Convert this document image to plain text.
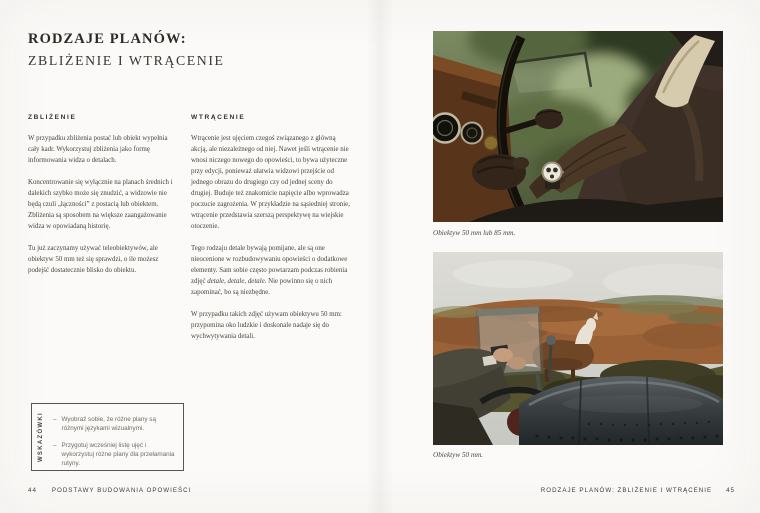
RODZAJE PLANÓW:
ZBLIŻENIE I WTRĄCENIE
ZBLIŻENIE

W przypadku zbliżenia postać lub obiekt wypełnia cały kadr. Wykorzystuj zbliżenia jako formę informowania widza o detalach.

Koncentrowanie się wyłącznie na planach średnich i dalekich szybko może się znudzić, a widzowie nie będą czuli „łączności” z postacią lub obiektem. Zbliżenia są sposobem na większe zaangażowanie widza w opowiadaną historię.

Tu już zaczynamy używać teleobiektywów, ale obiektyw 50 mm też się sprawdzi, o ile możesz podejść dostatecznie blisko do obiektu.

WTRĄCENIE

Wtrącenie jest ujęciem czegoś związanego z główną akcją, ale niezależnego od niej. Nawet jeśli wtrącenie nie wnosi niczego nowego do opowieści, to bywa użyteczne przy edycji, ponieważ ułatwia widzowi przejście od jednego obrazu do drugiego czy od jednej sceny do drugiej. Buduje też znakomicie napięcie albo wprowadza poczucie zagrożenia. W przykładzie na sąsiedniej stronie, wtrącenie przedstawia szerszą perspektywę na wiejskie otoczenie.

Tego rodzaju detale bywają pomijane, ale są one nieocenione w rozbudowywaniu opowieści o dodatkowe elementy. Sam sobie często powtarzam podczas robienia zdjęć detale, detale, detale. Nie powinno się o nich zapominać, bo są niezbędne.

W przypadku takich zdjęć używam obiektywu 50 mm: przypomina oko ludzkie i doskonale nadaje się do wychwytywania detali.

WSKAZÓWKI – Wyobraź sobie, że różne plany są różnymi językami wizualnymi.
– Przygotuj wcześniej listę ujęć i wykorzystuj różne plany dla przełamania rutyny.
44 PODSTAWY BUDOWANIA OPOWIEŚCI
Obiektyw 50 mm lub 85 mm.
Obiektyw 50 mm.
RODZAJE PLANÓW: ZBLIŻENIE I WTRĄCENIE 45
